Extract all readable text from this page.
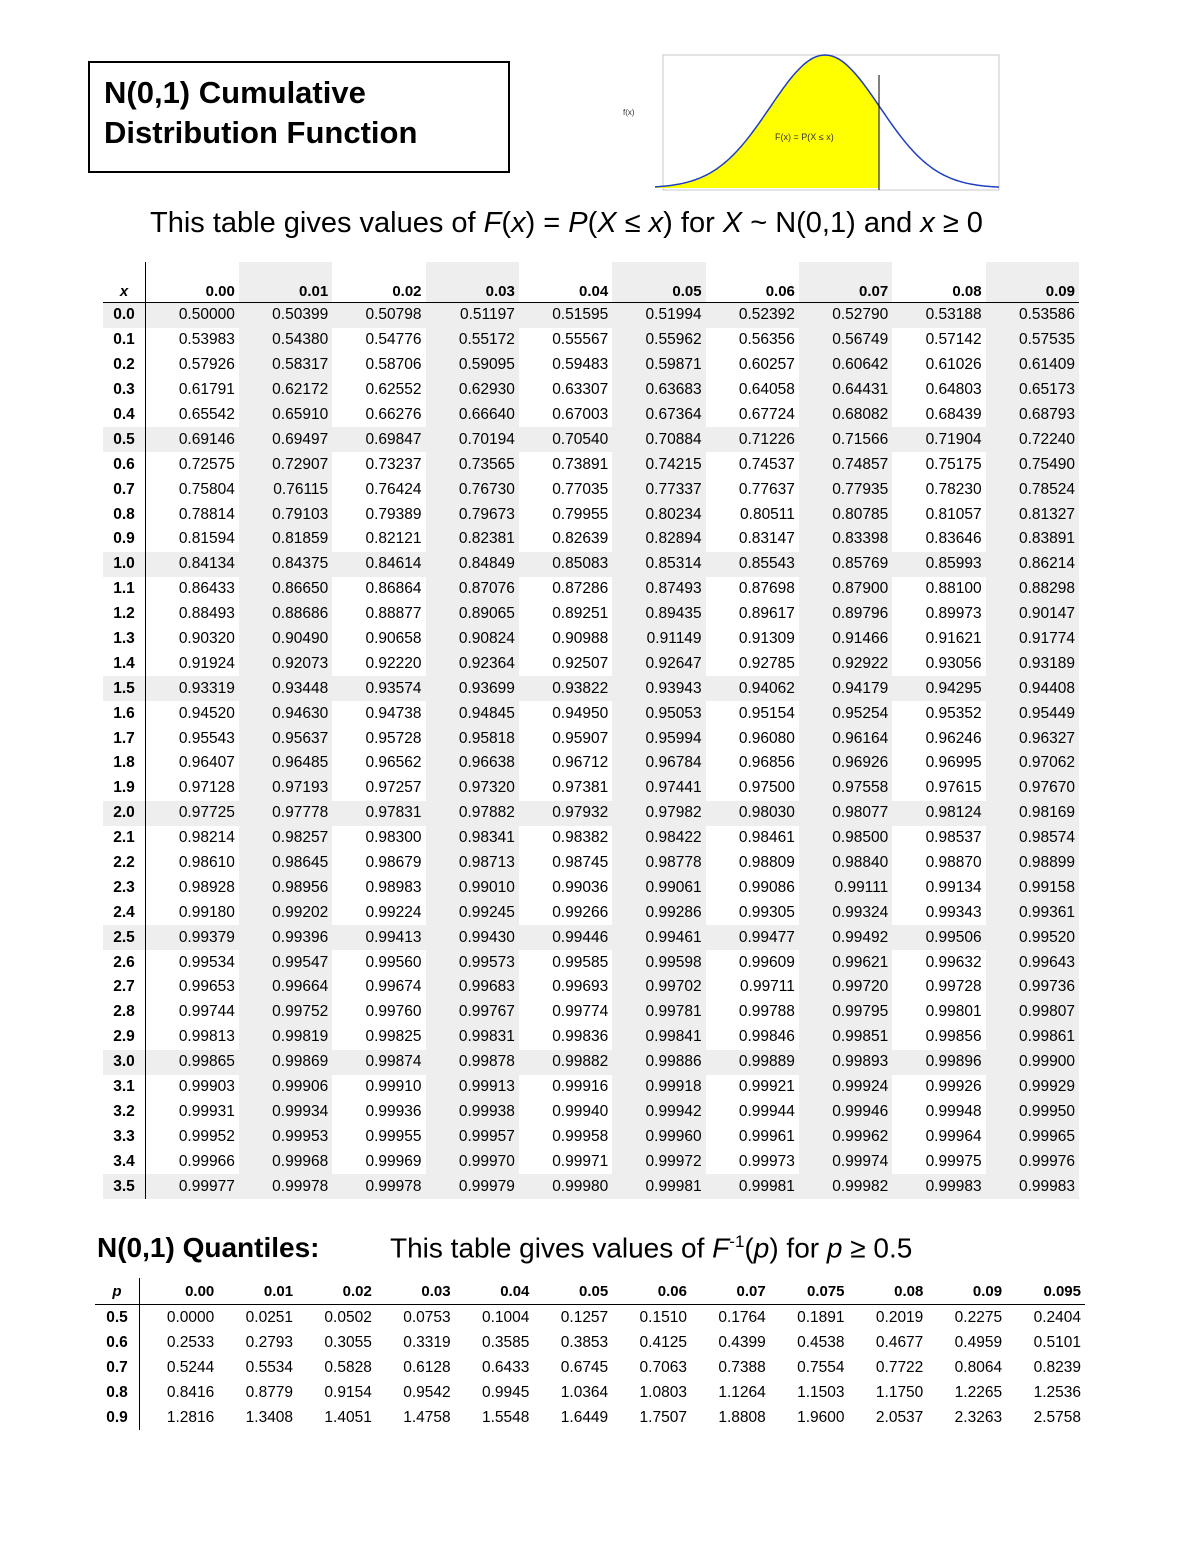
N(0,1) Cumulative
Distribution Function	F(x) = P(X ≤ x)
f(x)
This table gives values of F(x) = P(X ≤ x) for X ~ N(0,1) and x ≥ 0
x	0.00	0.01	0.02	0.03	0.04	0.05	0.06	0.07	0.08	0.09
0.0	0.50000	0.50399	0.50798	0.51197	0.51595	0.51994	0.52392	0.52790	0.53188	0.53586
0.1	0.53983	0.54380	0.54776	0.55172	0.55567	0.55962	0.56356	0.56749	0.57142	0.57535
0.2	0.57926	0.58317	0.58706	0.59095	0.59483	0.59871	0.60257	0.60642	0.61026	0.61409
0.3	0.61791	0.62172	0.62552	0.62930	0.63307	0.63683	0.64058	0.64431	0.64803	0.65173
0.4	0.65542	0.65910	0.66276	0.66640	0.67003	0.67364	0.67724	0.68082	0.68439	0.68793
0.5	0.69146	0.69497	0.69847	0.70194	0.70540	0.70884	0.71226	0.71566	0.71904	0.72240
0.6	0.72575	0.72907	0.73237	0.73565	0.73891	0.74215	0.74537	0.74857	0.75175	0.75490
0.7	0.75804	0.76115	0.76424	0.76730	0.77035	0.77337	0.77637	0.77935	0.78230	0.78524
0.8	0.78814	0.79103	0.79389	0.79673	0.79955	0.80234	0.80511	0.80785	0.81057	0.81327
0.9	0.81594	0.81859	0.82121	0.82381	0.82639	0.82894	0.83147	0.83398	0.83646	0.83891
1.0	0.84134	0.84375	0.84614	0.84849	0.85083	0.85314	0.85543	0.85769	0.85993	0.86214
1.1	0.86433	0.86650	0.86864	0.87076	0.87286	0.87493	0.87698	0.87900	0.88100	0.88298
1.2	0.88493	0.88686	0.88877	0.89065	0.89251	0.89435	0.89617	0.89796	0.89973	0.90147
1.3	0.90320	0.90490	0.90658	0.90824	0.90988	0.91149	0.91309	0.91466	0.91621	0.91774
1.4	0.91924	0.92073	0.92220	0.92364	0.92507	0.92647	0.92785	0.92922	0.93056	0.93189
1.5	0.93319	0.93448	0.93574	0.93699	0.93822	0.93943	0.94062	0.94179	0.94295	0.94408
1.6	0.94520	0.94630	0.94738	0.94845	0.94950	0.95053	0.95154	0.95254	0.95352	0.95449
1.7	0.95543	0.95637	0.95728	0.95818	0.95907	0.95994	0.96080	0.96164	0.96246	0.96327
1.8	0.96407	0.96485	0.96562	0.96638	0.96712	0.96784	0.96856	0.96926	0.96995	0.97062
1.9	0.97128	0.97193	0.97257	0.97320	0.97381	0.97441	0.97500	0.97558	0.97615	0.97670
2.0	0.97725	0.97778	0.97831	0.97882	0.97932	0.97982	0.98030	0.98077	0.98124	0.98169
2.1	0.98214	0.98257	0.98300	0.98341	0.98382	0.98422	0.98461	0.98500	0.98537	0.98574
2.2	0.98610	0.98645	0.98679	0.98713	0.98745	0.98778	0.98809	0.98840	0.98870	0.98899
2.3	0.98928	0.98956	0.98983	0.99010	0.99036	0.99061	0.99086	0.99111	0.99134	0.99158
2.4	0.99180	0.99202	0.99224	0.99245	0.99266	0.99286	0.99305	0.99324	0.99343	0.99361
2.5	0.99379	0.99396	0.99413	0.99430	0.99446	0.99461	0.99477	0.99492	0.99506	0.99520
2.6	0.99534	0.99547	0.99560	0.99573	0.99585	0.99598	0.99609	0.99621	0.99632	0.99643
2.7	0.99653	0.99664	0.99674	0.99683	0.99693	0.99702	0.99711	0.99720	0.99728	0.99736
2.8	0.99744	0.99752	0.99760	0.99767	0.99774	0.99781	0.99788	0.99795	0.99801	0.99807
2.9	0.99813	0.99819	0.99825	0.99831	0.99836	0.99841	0.99846	0.99851	0.99856	0.99861
3.0	0.99865	0.99869	0.99874	0.99878	0.99882	0.99886	0.99889	0.99893	0.99896	0.99900
3.1	0.99903	0.99906	0.99910	0.99913	0.99916	0.99918	0.99921	0.99924	0.99926	0.99929
3.2	0.99931	0.99934	0.99936	0.99938	0.99940	0.99942	0.99944	0.99946	0.99948	0.99950
3.3	0.99952	0.99953	0.99955	0.99957	0.99958	0.99960	0.99961	0.99962	0.99964	0.99965
3.4	0.99966	0.99968	0.99969	0.99970	0.99971	0.99972	0.99973	0.99974	0.99975	0.99976
3.5	0.99977	0.99978	0.99978	0.99979	0.99980	0.99981	0.99981	0.99982	0.99983	0.99983
N(0,1) Quantiles:	This table gives values of $F^{-1}(p)$ for p ≥ 0.5
p	0.00	0.01	0.02	0.03	0.04	0.05	0.06	0.07	0.075	0.08	0.09	0.095
0.5	0.0000	0.0251	0.0502	0.0753	0.1004	0.1257	0.1510	0.1764	0.1891	0.2019	0.2275	0.2404
0.6	0.2533	0.2793	0.3055	0.3319	0.3585	0.3853	0.4125	0.4399	0.4538	0.4677	0.4959	0.5101
0.7	0.5244	0.5534	0.5828	0.6128	0.6433	0.6745	0.7063	0.7388	0.7554	0.7722	0.8064	0.8239
0.8	0.8416	0.8779	0.9154	0.9542	0.9945	1.0364	1.0803	1.1264	1.1503	1.1750	1.2265	1.2536
0.9	1.2816	1.3408	1.4051	1.4758	1.5548	1.6449	1.7507	1.8808	1.9600	2.0537	2.3263	2.5758
